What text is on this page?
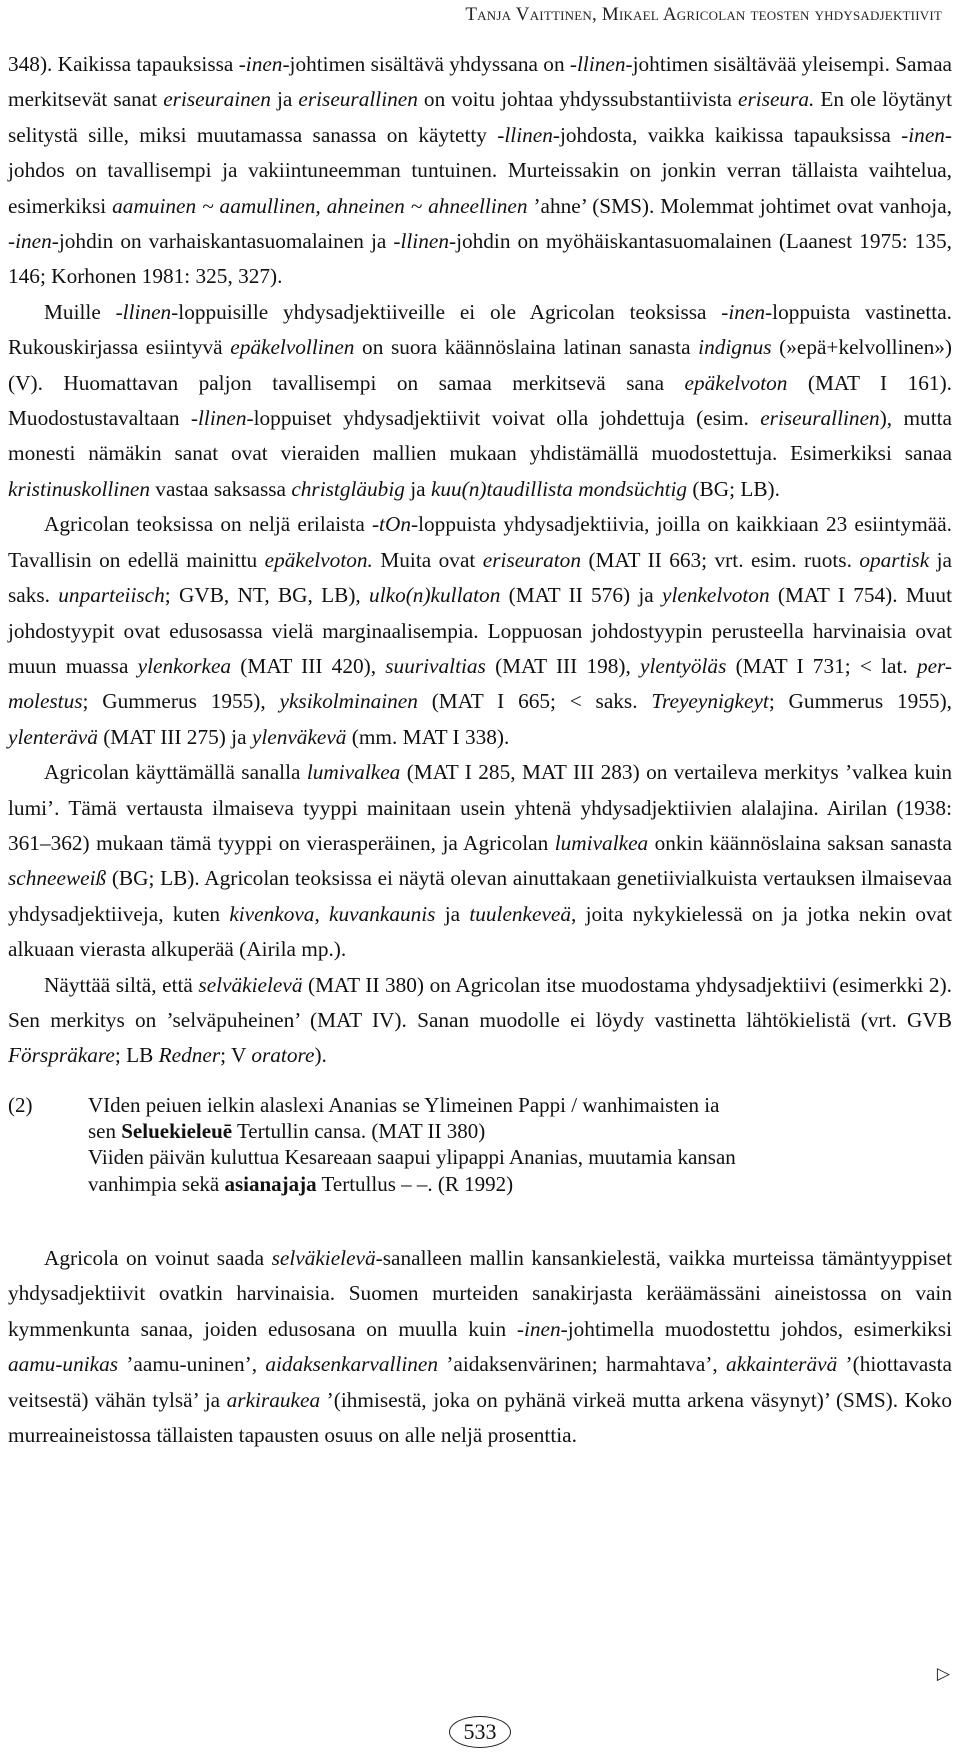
Tanja Vaittinen, Mikael Agricolan teosten yhdysadjektiivit

348). Kaikissa tapauksissa -inen-johtimen sisältävä yhdyssana on -llinen-johtimen sisältävää yleisempi. Samaa merkitsevät sanat eriseurainen ja eriseurallinen on voitu johtaa yhdyssubstantiivista eriseura. En ole löytänyt selitystä sille, miksi muutamassa sanassa on käytetty -llinen-johdosta, vaikka kaikissa tapauksissa -inen-johdos on tavallisempi ja vakiintuneemman tuntuinen. Murteissakin on jonkin verran tällaista vaihtelua, esimerkiksi aamuinen ~ aamullinen, ahneinen ~ ahneellinen ’ahne’ (SMS). Molemmat johtimet ovat vanhoja, -inen-johdin on varhaiskantasuomalainen ja -llinen-johdin on myöhäiskantasuomalainen (Laanest 1975: 135, 146; Korhonen 1981: 325, 327).

Muille -llinen-loppuisille yhdysadjektiiveille ei ole Agricolan teoksissa -inen-loppuista vastinetta. Rukouskirjassa esiintyvä epäkelvollinen on suora käännöslaina latinan sanasta indignus (»epä+kelvollinen») (V). Huomattavan paljon tavallisempi on samaa merkitsevä sana epäkelvoton (MAT I 161). Muodostustavaltaan -llinen-loppuiset yhdysadjektiivit voivat olla johdettuja (esim. eriseurallinen), mutta monesti nämäkin sanat ovat vieraiden mallien mukaan yhdistämällä muodostettuja. Esimerkiksi sanaa kristinuskollinen vastaa saksassa christgläubig ja kuu(n)taudillista mondsüchtig (BG; LB).

Agricolan teoksissa on neljä erilaista -tOn-loppuista yhdysadjektiivia, joilla on kaikkiaan 23 esiintymää. Tavallisin on edellä mainittu epäkelvoton. Muita ovat eriseuraton (MAT II 663; vrt. esim. ruots. opartisk ja saks. unparteiisch; GVB, NT, BG, LB), ulko(n)kullaton (MAT II 576) ja ylenkelvoton (MAT I 754). Muut johdostyypit ovat edusosassa vielä marginaalisempia. Loppuosan johdostyypin perusteella harvinaisia ovat muun muassa ylenkorkea (MAT III 420), suurivaltias (MAT III 198), ylentyöläs (MAT I 731; < lat. per-molestus; Gummerus 1955), yksikolminainen (MAT I 665; < saks. Treyeynigkeyt; Gummerus 1955), ylenterävä (MAT III 275) ja ylenväkevä (mm. MAT I 338).

Agricolan käyttämällä sanalla lumivalkea (MAT I 285, MAT III 283) on vertaileva merkitys ’valkea kuin lumi’. Tämä vertausta ilmaiseva tyyppi mainitaan usein yhtenä yhdysadjektiivien alalajina. Airilan (1938: 361–362) mukaan tämä tyyppi on vierasperäinen, ja Agricolan lumivalkea onkin käännöslaina saksan sanasta schneeweiß (BG; LB). Agricolan teoksissa ei näytä olevan ainuttakaan genetiivialkuista vertauksen ilmaisevaa yhdysadjektiiveja, kuten kivenkova, kuvankaunis ja tuulenkeveä, joita nykykielessä on ja jotka nekin ovat alkuaan vierasta alkuperää (Airila mp.).

Näyttää siltä, että selväkielevä (MAT II 380) on Agricolan itse muodostama yhdysadjektiivi (esimerkki 2). Sen merkitys on ’selväpuheinen’ (MAT IV). Sanan muodolle ei löydy vastinetta lähtökielistä (vrt. GVB Förspräkare; LB Redner; V oratore).

(2)	VIden peiuen ielkin alaslexi Ananias se Ylimeinen Pappi / wanhimaisten ia
sen Seluekieleuē Tertullin cansa. (MAT II 380)
Viiden päivän kuluttua Kesareaan saapui ylipappi Ananias, muutamia kansan
vanhimpia sekä asianajaja Tertullus – –. (R 1992)

Agricola on voinut saada selväkielevä-sanalleen mallin kansankielestä, vaikka murteissa tämäntyyppiset yhdysadjektiivit ovatkin harvinaisia. Suomen murteiden sanakirjasta keräämässäni aineistossa on vain kymmenkunta sanaa, joiden edusosana on muulla kuin -inen-johtimella muodostettu johdos, esimerkiksi aamu-unikas ’aamu-uninen’, aidaksenkarvallinen ’aidaksenvärinen; harmahtava’, akkainterävä ’(hiottavasta veitsestä) vähän tylsä’ ja arkiraukea ’(ihmisestä, joka on pyhänä virkeä mutta arkena väsynyt)’ (SMS). Koko murreaineistossa tällaisten tapausten osuus on alle neljä prosenttia.

▷
533
